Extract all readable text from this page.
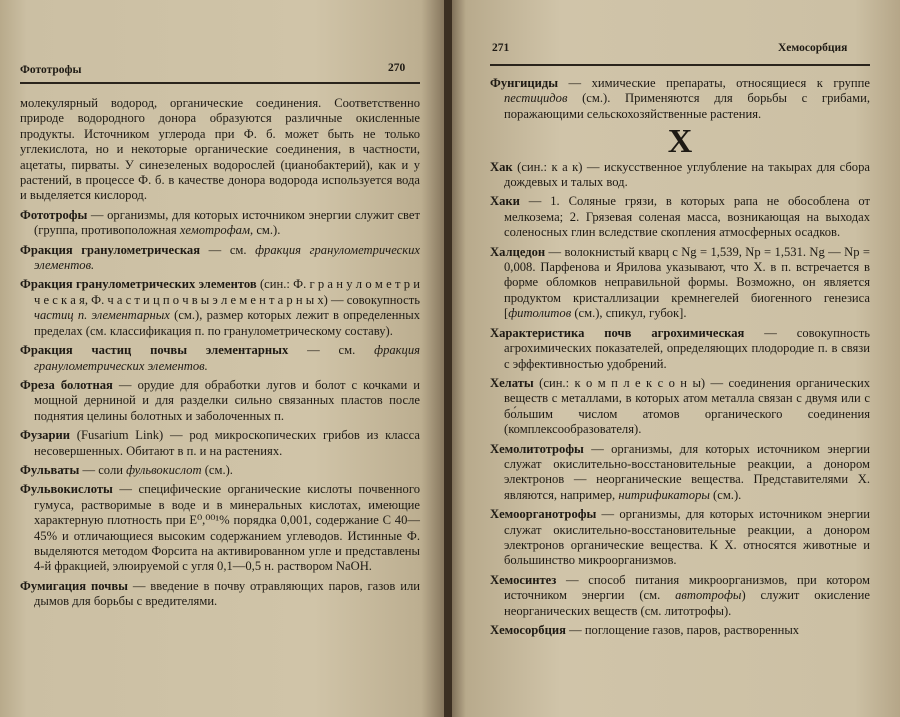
Фототрофы	270

молекулярный водород, органические соединения. Соответственно природе водородного донора образуются различные окисленные продукты. Источником углерода при Ф. б. может быть не только углекислота, но и некоторые органические соединения, в частности, ацетаты, пирваты. У синезеленых водорослей (цианобактерий), как и у растений, в процессе Ф. б. в качестве донора водорода используется вода и выделяется кислород.

Фототрофы — организмы, для которых источником энергии служит свет (группа, противоположная хемотрофам, см.).

Фракция гранулометрическая — см. фракция гранулометрических элементов.

Фракция гранулометрических элементов (син.: Ф. г р а н у л о м е т р и ч е с к а я, Ф. ч а с т и ц п о ч в ы э л е м е н т а р н ы х) — совокупность частиц п. элементарных (см.), размер которых лежит в определенных пределах (см. классификация п. по гранулометрическому составу).

Фракция частиц почвы элементарных — см. фракция гранулометрических элементов.

Фреза болотная — орудие для обработки лугов и болот с кочками и мощной дерниной и для разделки сильно связанных пластов после поднятия целины болотных и заболоченных п.

Фузарии (Fusarium Link) — род микроскопических грибов из класса несовершенных. Обитают в п. и на растениях.

Фульваты — соли фульвокислот (см.).

Фульвокислоты — специфические органические кислоты почвенного гумуса, растворимые в воде и в минеральных кислотах, имеющие характерную плотность при E⁰,⁰⁰¹% порядка 0,001, содержание С 40—45% и отличающиеся высоким содержанием углеводов. Истинные Ф. выделяются методом Форсита на активированном угле и представлены 4-й фракцией, элюируемой с угля 0,1—0,5 н. раствором NaOH.

Фумигация почвы — введение в почву отравляющих паров, газов или дымов для борьбы с вредителями.

271	Хемосорбция

Фунгициды — химические препараты, относящиеся к группе пестицидов (см.). Применяются для борьбы с грибами, поражающими сельскохозяйственные растения.

Х

Хак (син.: к а к) — искусственное углубление на такырах для сбора дождевых и талых вод.

Хаки — 1. Соляные грязи, в которых рапа не обособлена от мелкозема; 2. Грязевая соленая масса, возникающая на выходах соленосных глин вследствие скопления атмосферных осадков.

Халцедон — волокнистый кварц с Ng = 1,539, Np = 1,531. Ng — Np = 0,008. Парфенова и Ярилова указывают, что Х. в п. встречается в форме обломков неправильной формы. Возможно, он является продуктом кристаллизации кремнегелей биогенного генезиса [фитолитов (см.), спикул, губок].

Характеристика почв агрохимическая — совокупность агрохимических показателей, определяющих плодородие п. в связи с эффективностью удобрений.

Хелаты (син.: к о м п л е к с о н ы) — соединения органических веществ с металлами, в которых атом металла связан с двумя или с бо́льшим числом атомов органического соединения (комплексообразователя).

Хемолитотрофы — организмы, для которых источником энергии служат окислительно-восстановительные реакции, а донором электронов — неорганические вещества. Представителями Х. являются, например, нитрификаторы (см.).

Хемоорганотрофы — организмы, для которых источником энергии служат окислительно-восстановительные реакции, а донором электронов органические вещества. К Х. относятся животные и большинство микроорганизмов.

Хемосинтез — способ питания микроорганизмов, при котором источником энергии (см. автотрофы) служит окисление неорганических веществ (см. литотрофы).

Хемосорбция — поглощение газов, паров, растворенных
